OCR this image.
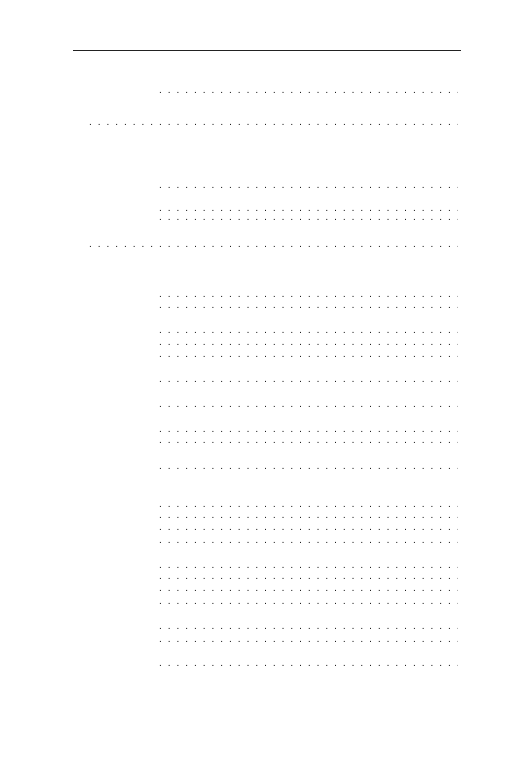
. . .
. . .
. . .
. . .
. . .
. . .
. . .
. . .
. . .
. . .
. . .
. . .
. . .
. . .
. . .
. . .
. . .
. . .
. . .
. . .
. . .
. . .
. . .
. . .
. . .
. . .
. . .
